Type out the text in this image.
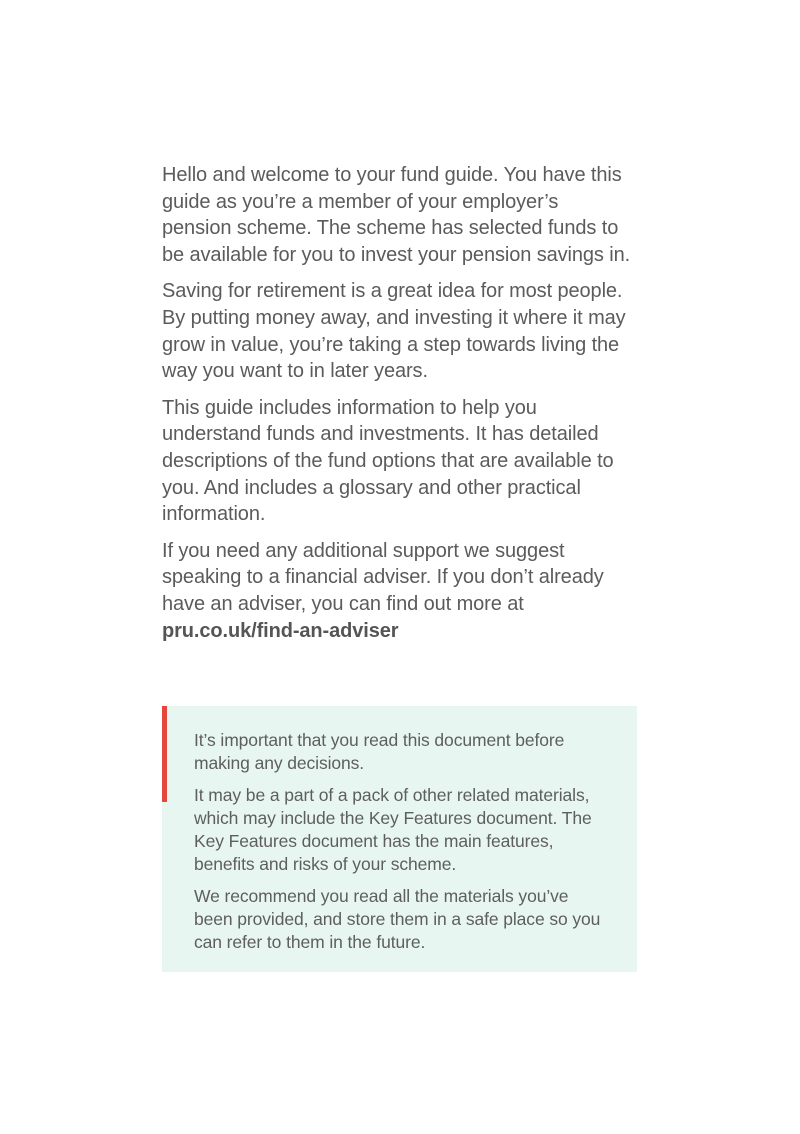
Hello and welcome to your fund guide. You have this guide as you’re a member of your employer’s pension scheme. The scheme has selected funds to be available for you to invest your pension savings in.

Saving for retirement is a great idea for most people. By putting money away, and investing it where it may grow in value, you’re taking a step towards living the way you want to in later years.

This guide includes information to help you understand funds and investments. It has detailed descriptions of the fund options that are available to you. And includes a glossary and other practical information.

If you need any additional support we suggest speaking to a financial adviser. If you don’t already have an adviser, you can find out more at pru.co.uk/find-an-adviser

It’s important that you read this document before making any decisions.

It may be a part of a pack of other related materials, which may include the Key Features document. The Key Features document has the main features, benefits and risks of your scheme.

We recommend you read all the materials you’ve been provided, and store them in a safe place so you can refer to them in the future.
